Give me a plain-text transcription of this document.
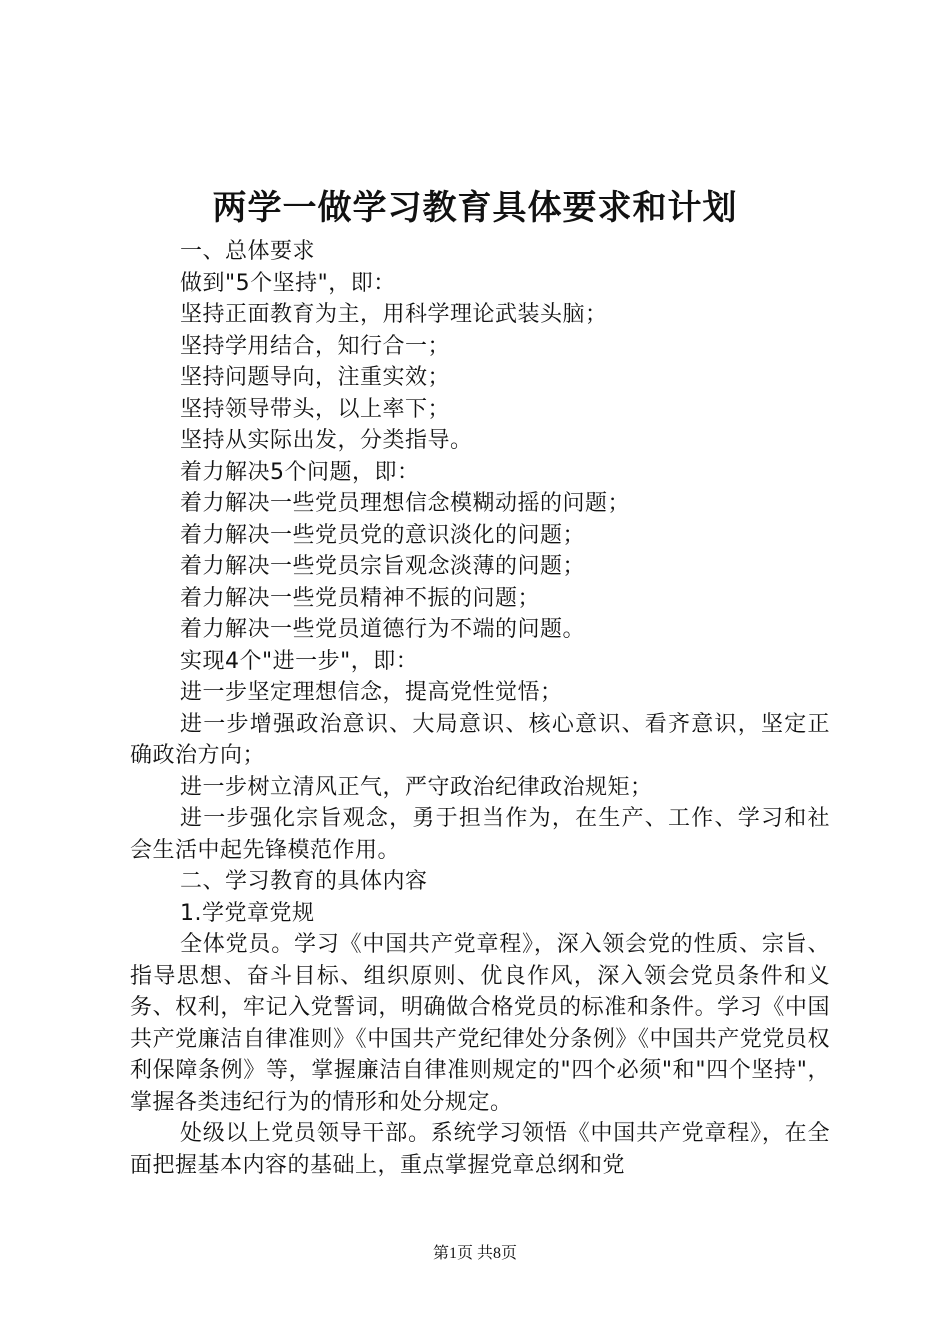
两学一做学习教育具体要求和计划

一、总体要求

做到"5个坚持"，即：

坚持正面教育为主，用科学理论武装头脑；

坚持学用结合，知行合一；

坚持问题导向，注重实效；

坚持领导带头，以上率下；

坚持从实际出发，分类指导。

着力解决5个问题，即：

着力解决一些党员理想信念模糊动摇的问题；

着力解决一些党员党的意识淡化的问题；

着力解决一些党员宗旨观念淡薄的问题；

着力解决一些党员精神不振的问题；

着力解决一些党员道德行为不端的问题。

实现4个"进一步"，即：

进一步坚定理想信念，提高党性觉悟；

进一步增强政治意识、大局意识、核心意识、看齐意识，坚定正确政治方向；

进一步树立清风正气，严守政治纪律政治规矩；

进一步强化宗旨观念，勇于担当作为，在生产、工作、学习和社会生活中起先锋模范作用。

二、学习教育的具体内容

1.学党章党规

全体党员。学习《中国共产党章程》，深入领会党的性质、宗旨、指导思想、奋斗目标、组织原则、优良作风，深入领会党员条件和义务、权利，牢记入党誓词，明确做合格党员的标准和条件。学习《中国共产党廉洁自律准则》《中国共产党纪律处分条例》《中国共产党党员权利保障条例》等，掌握廉洁自律准则规定的"四个必须"和"四个坚持"，掌握各类违纪行为的情形和处分规定。

处级以上党员领导干部。系统学习领悟《中国共产党章程》，在全面把握基本内容的基础上，重点掌握党章总纲和党

第1页 共8页
